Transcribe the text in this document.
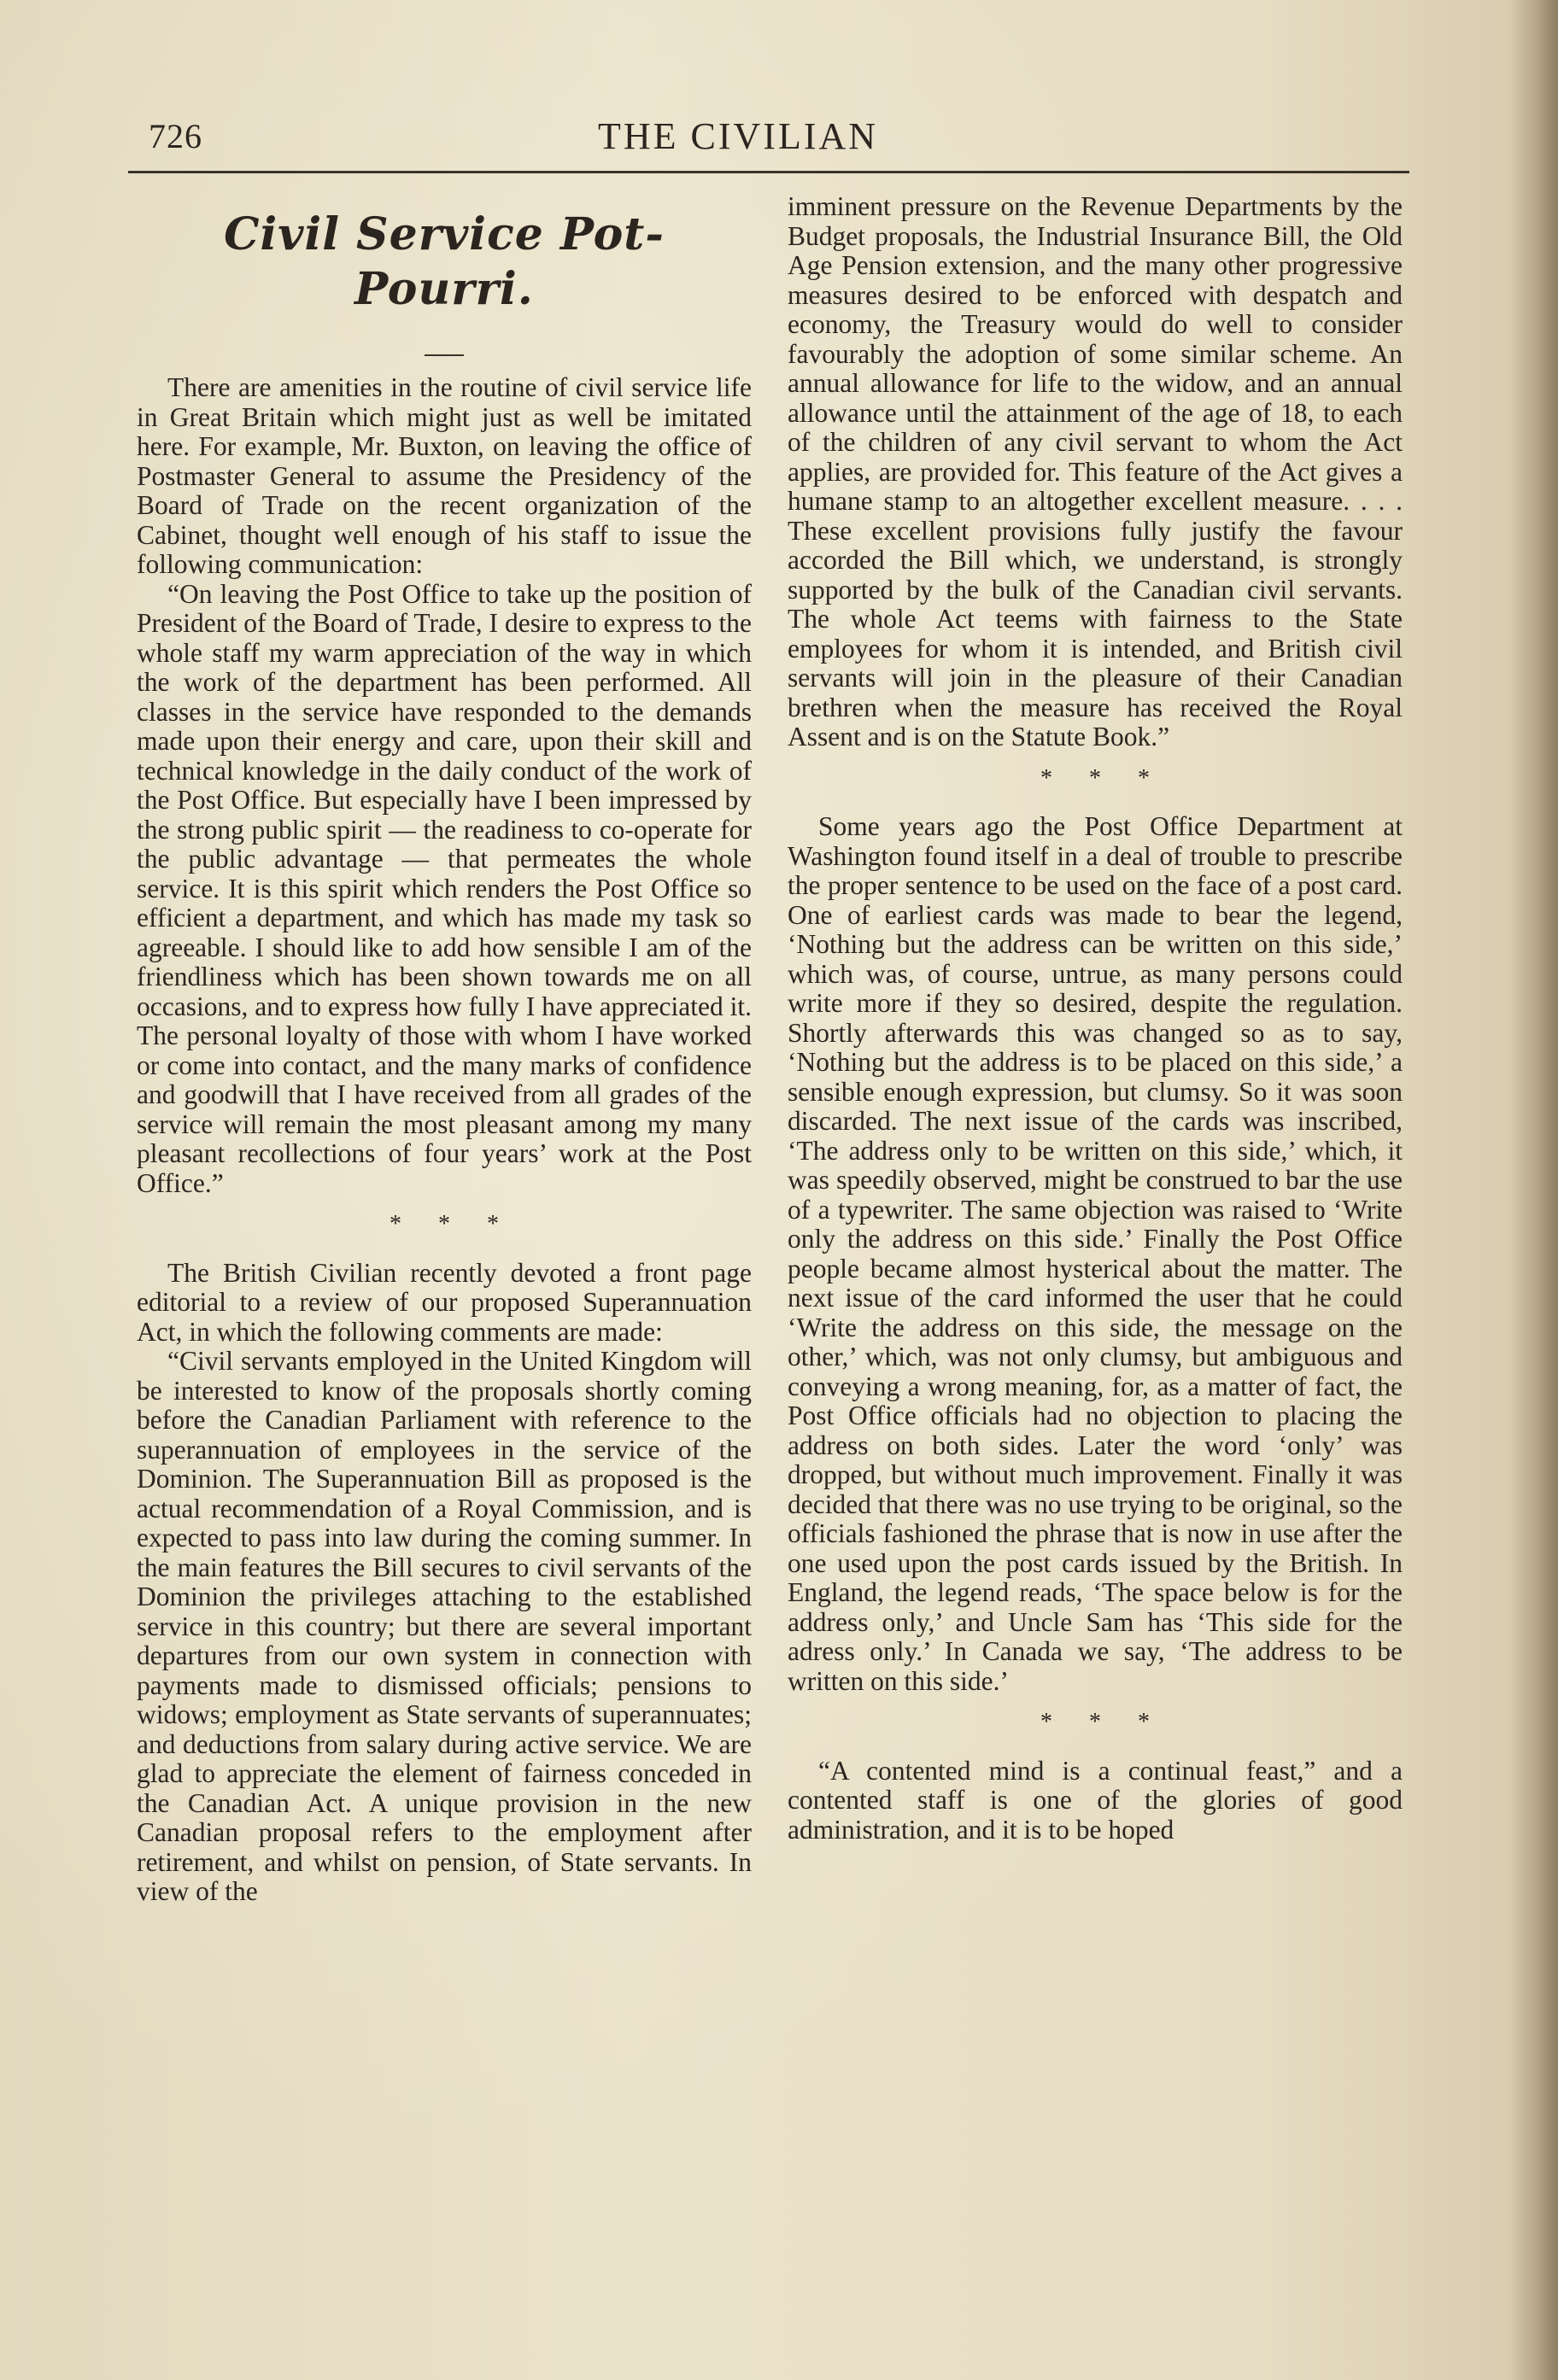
726	THE CIVILIAN
Civil Service Pot-Pourri.

There are amenities in the routine of civil service life in Great Britain which might just as well be imitated here. For example, Mr. Buxton, on leaving the office of Postmaster General to assume the Presidency of the Board of Trade on the recent organization of the Cabinet, thought well enough of his staff to issue the following communication:

“On leaving the Post Office to take up the position of President of the Board of Trade, I desire to express to the whole staff my warm appreciation of the way in which the work of the department has been performed. All classes in the service have responded to the demands made upon their energy and care, upon their skill and technical knowledge in the daily conduct of the work of the Post Office. But especially have I been impressed by the strong public spirit — the readiness to co-operate for the public advantage — that permeates the whole service. It is this spirit which renders the Post Office so efficient a department, and which has made my task so agreeable. I should like to add how sensible I am of the friendliness which has been shown towards me on all occasions, and to express how fully I have appreciated it. The personal loyalty of those with whom I have worked or come into contact, and the many marks of confidence and goodwill that I have received from all grades of the service will remain the most pleasant among my many pleasant recollections of four years’ work at the Post Office.”

* * *

The British Civilian recently devoted a front page editorial to a review of our proposed Superannuation Act, in which the following comments are made:

“Civil servants employed in the United Kingdom will be interested to know of the proposals shortly coming before the Canadian Parliament with reference to the superannuation of employees in the service of the Dominion. The Superannuation Bill as proposed is the actual recommendation of a Royal Commission, and is expected to pass into law during the coming summer. In the main features the Bill secures to civil servants of the Dominion the privileges attaching to the established service in this country; but there are several important departures from our own system in connection with payments made to dismissed officials; pensions to widows; employment as State servants of superannuates; and deductions from salary during active service. We are glad to appreciate the element of fairness conceded in the Canadian Act. A unique provision in the new Canadian proposal refers to the employment after retirement, and whilst on pension, of State servants. In view of the

imminent pressure on the Revenue Departments by the Budget proposals, the Industrial Insurance Bill, the Old Age Pension extension, and the many other progressive measures desired to be enforced with despatch and economy, the Treasury would do well to consider favourably the adoption of some similar scheme. An annual allowance for life to the widow, and an annual allowance until the attainment of the age of 18, to each of the children of any civil servant to whom the Act applies, are provided for. This feature of the Act gives a humane stamp to an altogether excellent measure. . . . These excellent provisions fully justify the favour accorded the Bill which, we understand, is strongly supported by the bulk of the Canadian civil servants. The whole Act teems with fairness to the State employees for whom it is intended, and British civil servants will join in the pleasure of their Canadian brethren when the measure has received the Royal Assent and is on the Statute Book.”

* * *

Some years ago the Post Office Department at Washington found itself in a deal of trouble to prescribe the proper sentence to be used on the face of a post card. One of earliest cards was made to bear the legend, ‘Nothing but the address can be written on this side,’ which was, of course, untrue, as many persons could write more if they so desired, despite the regulation. Shortly afterwards this was changed so as to say, ‘Nothing but the address is to be placed on this side,’ a sensible enough expression, but clumsy. So it was soon discarded. The next issue of the cards was inscribed, ‘The address only to be written on this side,’ which, it was speedily observed, might be construed to bar the use of a typewriter. The same objection was raised to ‘Write only the address on this side.’ Finally the Post Office people became almost hysterical about the matter. The next issue of the card informed the user that he could ‘Write the address on this side, the message on the other,’ which, was not only clumsy, but ambiguous and conveying a wrong meaning, for, as a matter of fact, the Post Office officials had no objection to placing the address on both sides. Later the word ‘only’ was dropped, but without much improvement. Finally it was decided that there was no use trying to be original, so the officials fashioned the phrase that is now in use after the one used upon the post cards issued by the British. In England, the legend reads, ‘The space below is for the address only,’ and Uncle Sam has ‘This side for the adress only.’ In Canada we say, ‘The address to be written on this side.’

* * *

“A contented mind is a continual feast,” and a contented staff is one of the glories of good administration, and it is to be hoped
